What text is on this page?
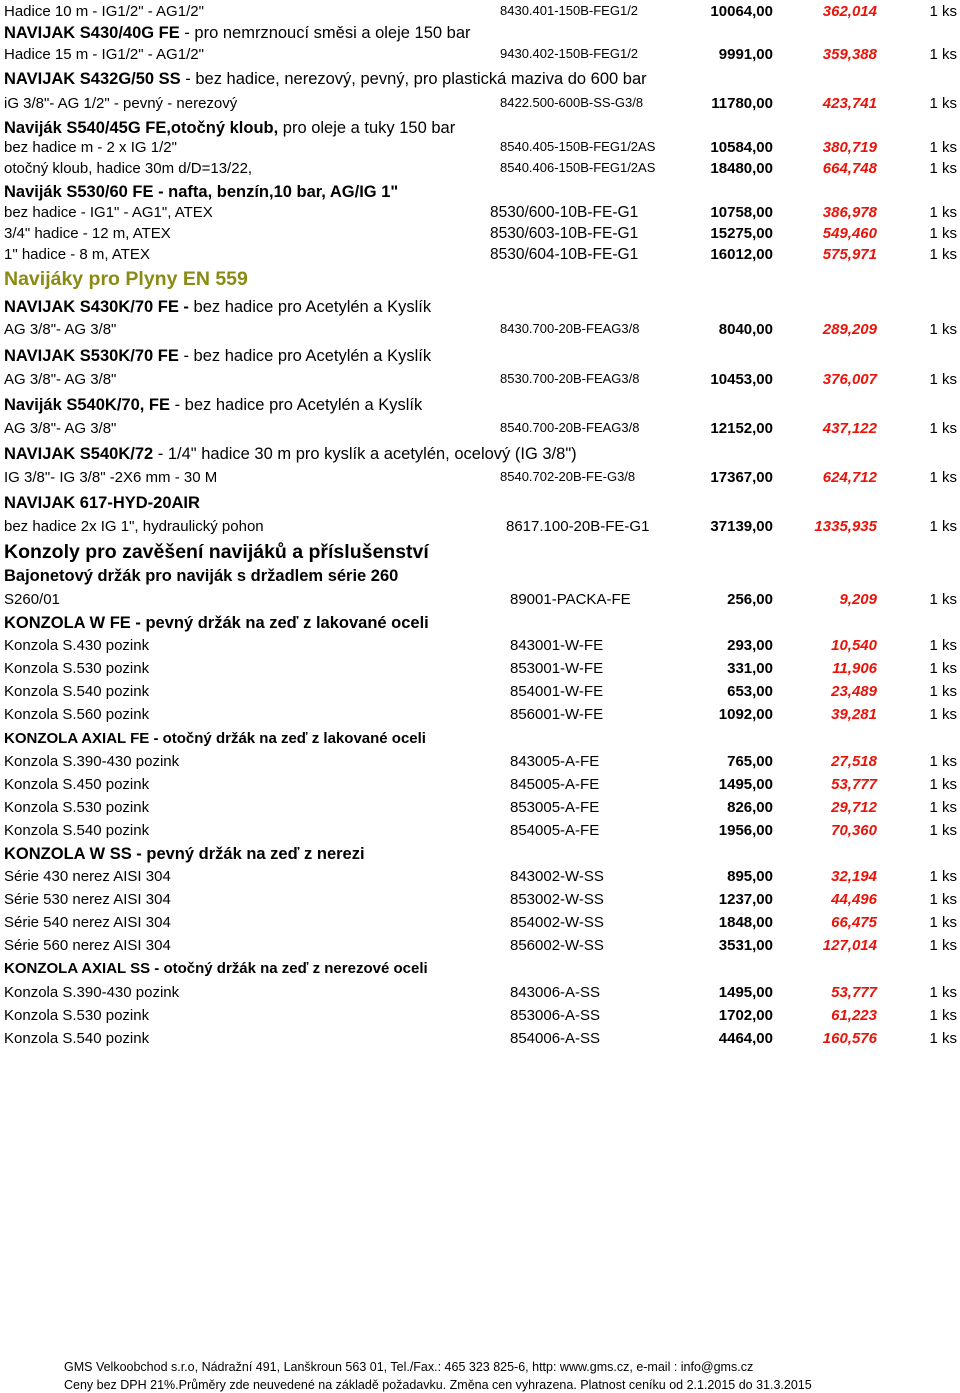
Hadice 10 m - IG1/2" - AG1/2"	8430.401-150B-FEG1/2	10064,00	362,014	1 ks
NAVIJAK S430/40G FE - pro nemrznoucí směsi a oleje 150 bar
Hadice 15 m - IG1/2" - AG1/2"	9430.402-150B-FEG1/2	9991,00	359,388	1 ks
NAVIJAK S432G/50 SS - bez hadice, nerezový, pevný, pro plastická maziva do 600 bar
iG 3/8"- AG 1/2" - pevný - nerezový	8422.500-600B-SS-G3/8	11780,00	423,741	1 ks
Naviják S540/45G FE,otočný kloub, pro oleje a tuky 150 bar
bez hadice m - 2 x IG 1/2"	8540.405-150B-FEG1/2AS	10584,00	380,719	1 ks
otočný kloub, hadice 30m d/D=13/22,	8540.406-150B-FEG1/2AS	18480,00	664,748	1 ks
Naviják S530/60 FE - nafta, benzín,10 bar, AG/IG 1"
bez hadice - IG1" - AG1", ATEX	8530/600-10B-FE-G1	10758,00	386,978	1 ks
3/4" hadice - 12 m, ATEX	8530/603-10B-FE-G1	15275,00	549,460	1 ks
1" hadice - 8 m, ATEX	8530/604-10B-FE-G1	16012,00	575,971	1 ks
Navijáky pro Plyny EN 559
NAVIJAK S430K/70 FE - bez hadice pro Acetylén a Kyslík
AG 3/8"- AG 3/8"	8430.700-20B-FEAG3/8	8040,00	289,209	1 ks
NAVIJAK S530K/70 FE - bez hadice pro Acetylén a Kyslík
AG 3/8"- AG 3/8"	8530.700-20B-FEAG3/8	10453,00	376,007	1 ks
Naviják S540K/70, FE - bez hadice pro Acetylén a Kyslík
AG 3/8"- AG 3/8"	8540.700-20B-FEAG3/8	12152,00	437,122	1 ks
NAVIJAK S540K/72 - 1/4" hadice 30 m pro kyslík a acetylén, ocelový (IG 3/8")
IG 3/8"- IG 3/8" -2X6 mm - 30 M	8540.702-20B-FE-G3/8	17367,00	624,712	1 ks
NAVIJAK 617-HYD-20AIR
bez hadice 2x IG 1", hydraulický pohon	8617.100-20B-FE-G1	37139,00	1335,935	1 ks
Konzoly pro zavěšení navijáků a příslušenství
Bajonetový držák pro naviják s držadlem série 260
S260/01	89001-PACKA-FE	256,00	9,209	1 ks
KONZOLA W FE - pevný držák na zeď z lakované oceli
Konzola S.430 pozink	843001-W-FE	293,00	10,540	1 ks
Konzola S.530 pozink	853001-W-FE	331,00	11,906	1 ks
Konzola S.540 pozink	854001-W-FE	653,00	23,489	1 ks
Konzola S.560 pozink	856001-W-FE	1092,00	39,281	1 ks
KONZOLA AXIAL FE - otočný držák na zeď z lakované oceli
Konzola S.390-430 pozink	843005-A-FE	765,00	27,518	1 ks
Konzola S.450 pozink	845005-A-FE	1495,00	53,777	1 ks
Konzola S.530 pozink	853005-A-FE	826,00	29,712	1 ks
Konzola S.540 pozink	854005-A-FE	1956,00	70,360	1 ks
KONZOLA W SS - pevný držák na zeď z nerezi
Série 430 nerez AISI 304	843002-W-SS	895,00	32,194	1 ks
Série 530 nerez AISI 304	853002-W-SS	1237,00	44,496	1 ks
Série 540 nerez AISI 304	854002-W-SS	1848,00	66,475	1 ks
Série 560 nerez AISI 304	856002-W-SS	3531,00	127,014	1 ks
KONZOLA AXIAL SS - otočný držák na zeď z nerezové oceli
Konzola S.390-430 pozink	843006-A-SS	1495,00	53,777	1 ks
Konzola S.530 pozink	853006-A-SS	1702,00	61,223	1 ks
Konzola S.540 pozink	854006-A-SS	4464,00	160,576	1 ks
GMS Velkoobchod s.r.o, Nádražní 491, Lanškroun 563 01, Tel./Fax.: 465 323 825-6, http: www.gms.cz, e-mail : info@gms.cz
Ceny bez DPH 21%.Průměry zde neuvedené na základě požadavku. Změna cen vyhrazena. Platnost ceníku od 2.1.2015 do 31.3.2015
